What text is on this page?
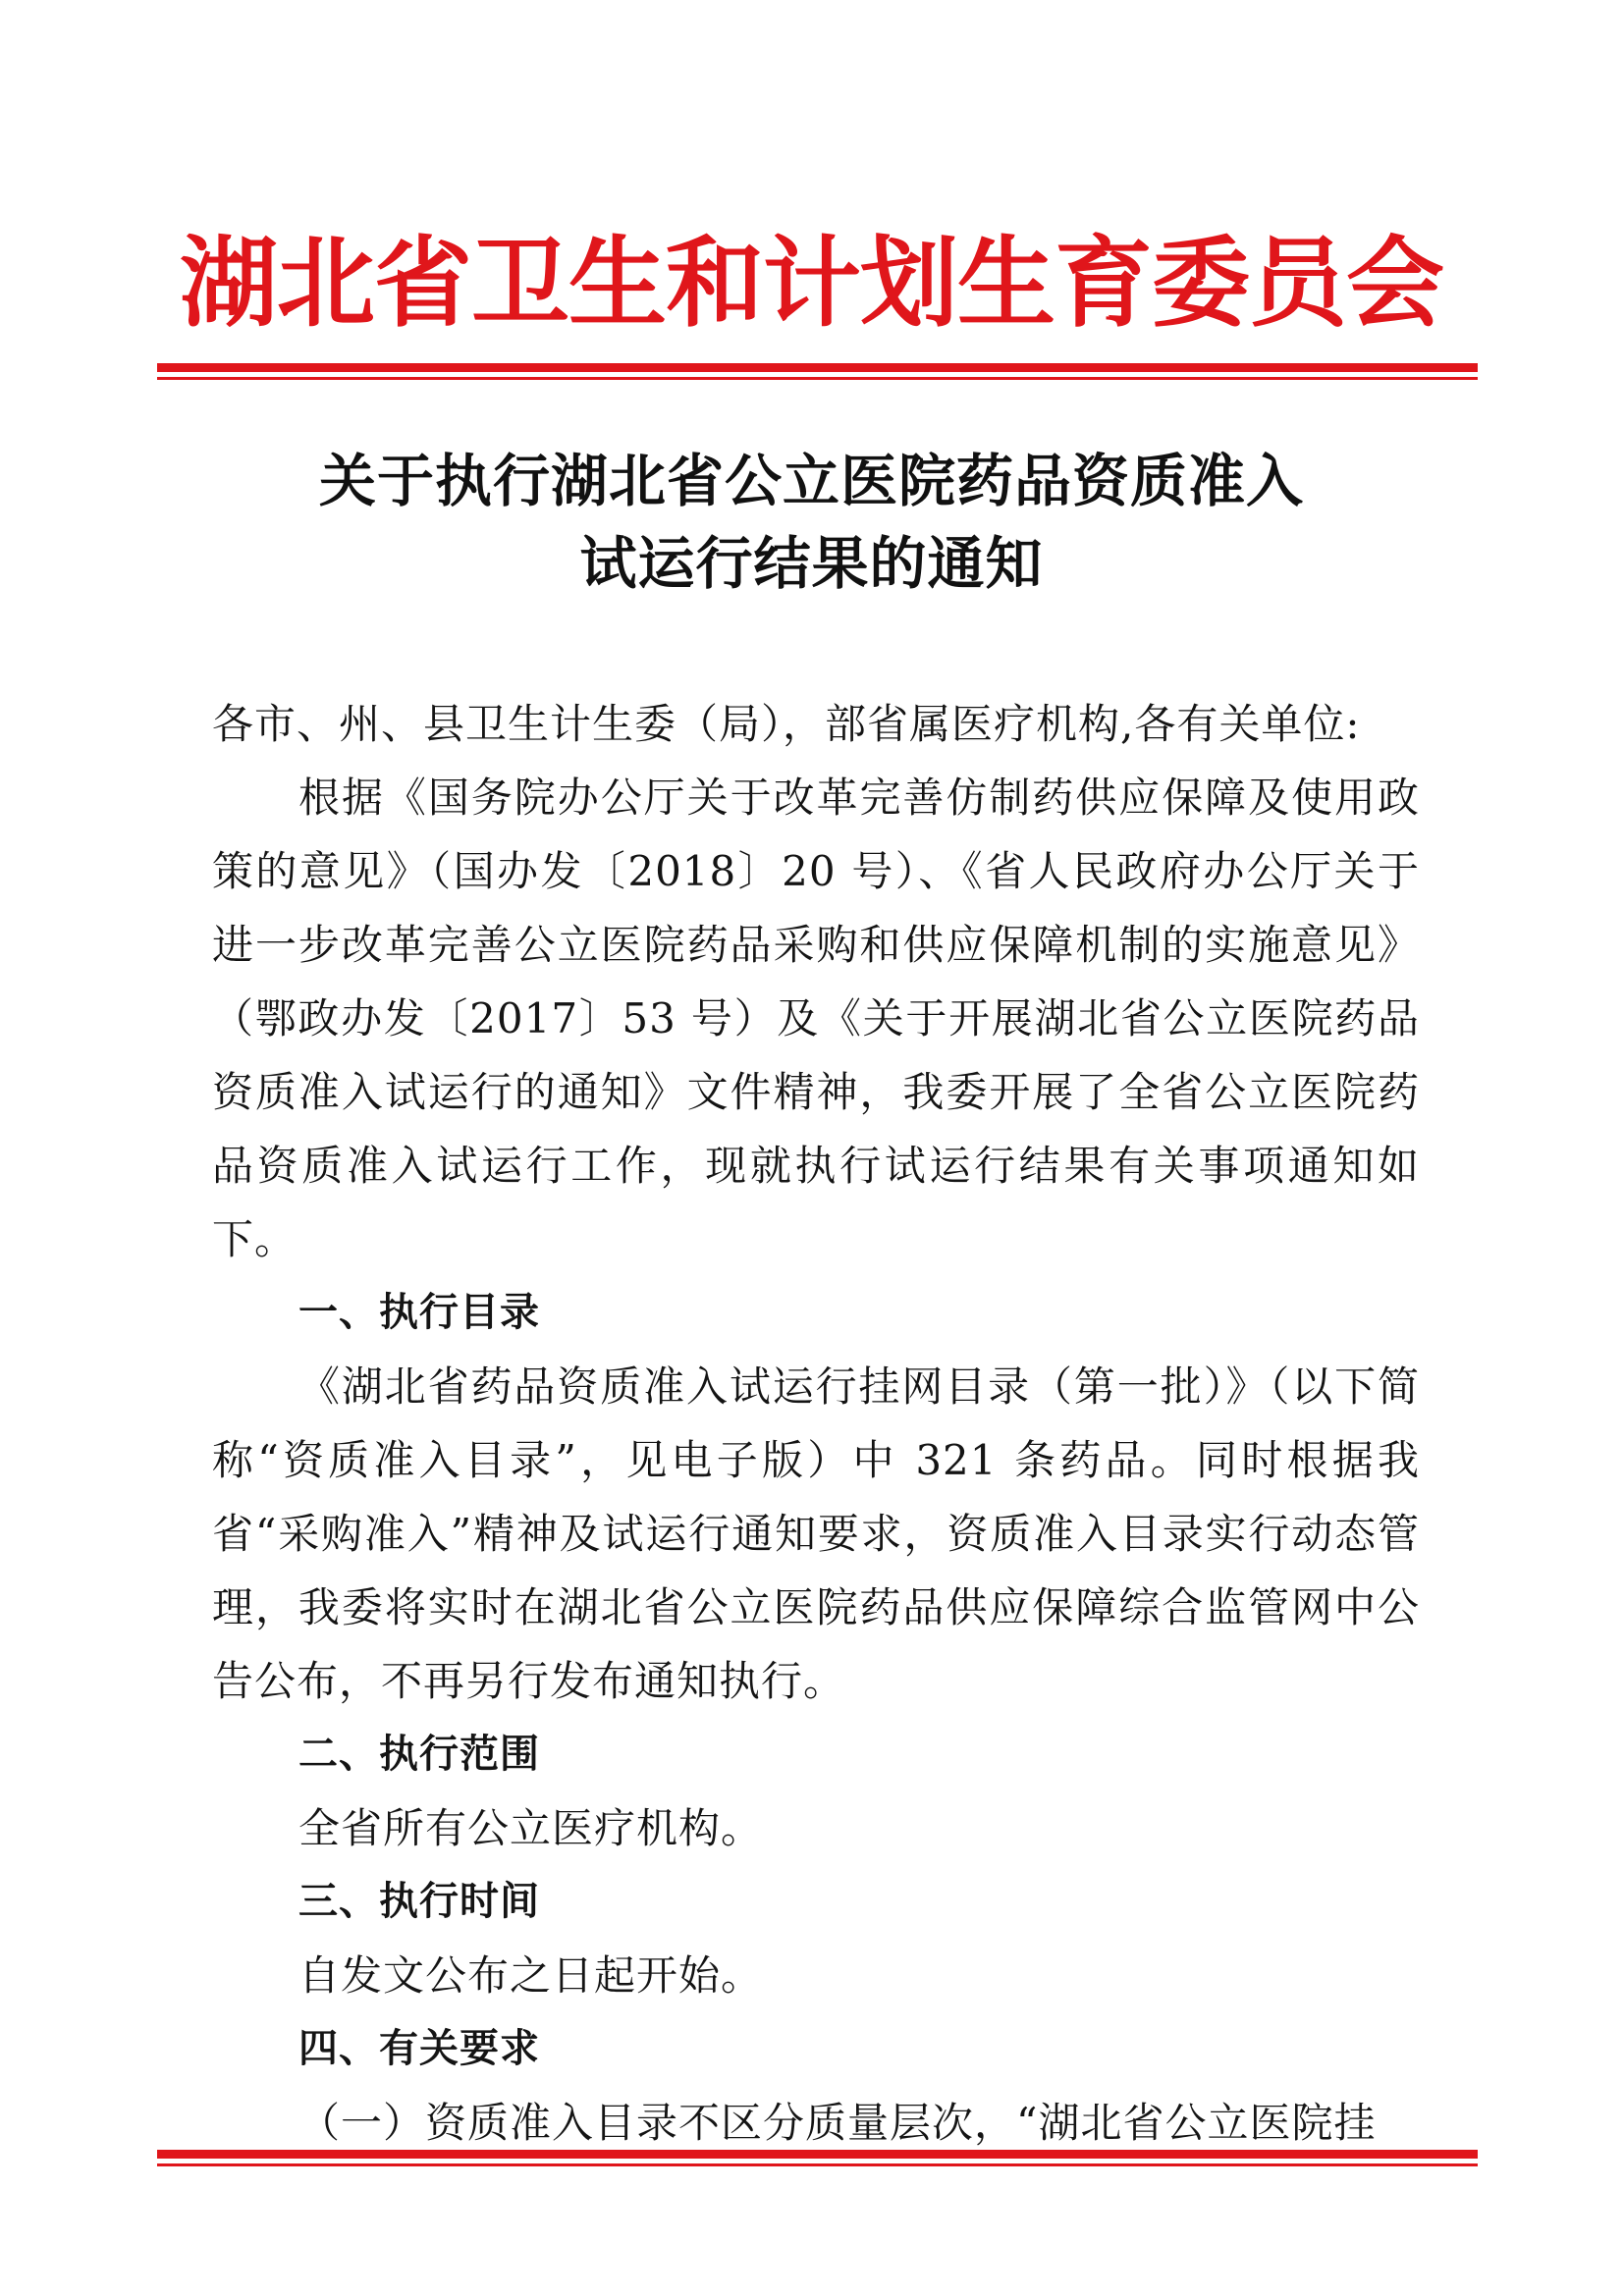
湖北省卫生和计划生育委员会
关于执行湖北省公立医院药品资质准入
试运行结果的通知

各市、州、县卫生计生委（局），部省属医疗机构,各有关单位:

根据《国务院办公厅关于改革完善仿制药供应保障及使用政策的意见》（国办发〔2018〕20 号）、《省人民政府办公厅关于进一步改革完善公立医院药品采购和供应保障机制的实施意见》（鄂政办发〔2017〕53 号）及《关于开展湖北省公立医院药品资质准入试运行的通知》文件精神，我委开展了全省公立医院药品资质准入试运行工作，现就执行试运行结果有关事项通知如下。

一、执行目录

《湖北省药品资质准入试运行挂网目录（第一批）》（以下简称“资质准入目录”，见电子版）中 321 条药品。同时根据我省“采购准入”精神及试运行通知要求，资质准入目录实行动态管理，我委将实时在湖北省公立医院药品供应保障综合监管网中公告公布，不再另行发布通知执行。

二、执行范围

全省所有公立医疗机构。

三、执行时间

自发文公布之日起开始。

四、有关要求

（一）资质准入目录不区分质量层次，“湖北省公立医院挂
